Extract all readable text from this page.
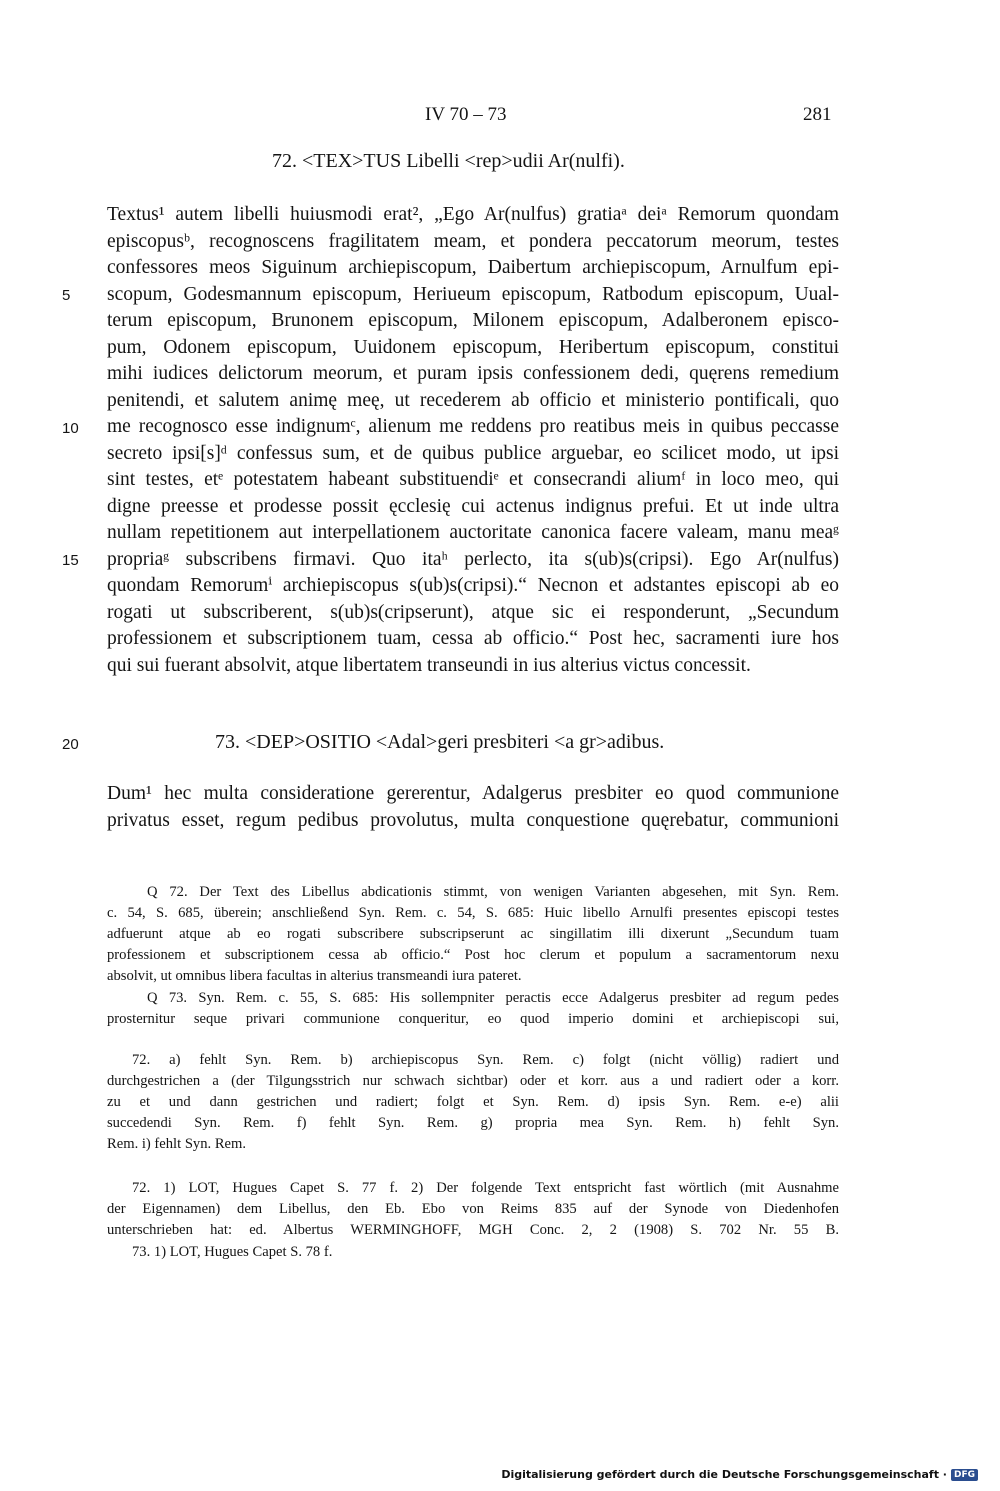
IV 70 – 73	281
72. <TEX>TUS Libelli <rep>udii Ar(nulfi).
Textus¹ autem libelli huiusmodi erat², „Ego Ar(nulfus) gratiaᵃ deiᵃ Remorum quondam
episcopusᵇ, recognoscens fragilitatem meam, et pondera peccatorum meorum, testes
confessores meos Siguinum archiepiscopum, Daibertum archiepiscopum, Arnulfum epi-
scopum, Godesmannum episcopum, Heriueum episcopum, Ratbodum episcopum, Uual-
terum episcopum, Brunonem episcopum, Milonem episcopum, Adalberonem episco-
pum, Odonem episcopum, Uuidonem episcopum, Heribertum episcopum, constitui
mihi iudices delictorum meorum, et puram ipsis confessionem dedi, quęrens remedium
penitendi, et salutem animę meę, ut recederem ab officio et ministerio pontificali, quo
me recognosco esse indignumᶜ, alienum me reddens pro reatibus meis in quibus peccasse
secreto ipsi[s]ᵈ confessus sum, et de quibus publice arguebar, eo scilicet modo, ut ipsi
sint testes, etᵉ potestatem habeant substituendiᵉ et consecrandi aliumᶠ in loco meo, qui
digne preesse et prodesse possit ęcclesię cui actenus indignus prefui. Et ut inde ultra
nullam repetitionem aut interpellationem auctoritate canonica facere valeam, manu meaᵍ
propriaᵍ subscribens firmavi. Quo itaʰ perlecto, ita s(ub)s(cripsi). Ego Ar(nulfus)
quondam Remorumⁱ archiepiscopus s(ub)s(cripsi).“ Necnon et adstantes episcopi ab eo
rogati ut subscriberent, s(ub)s(cripserunt), atque sic ei responderunt, „Secundum
professionem et subscriptionem tuam, cessa ab officio.“ Post hec, sacramenti iure hos
qui sui fuerant absolvit, atque libertatem transeundi in ius alterius victus concessit.
5
10
15
20	73. <DEP>OSITIO <Adal>geri presbiteri <a gr>adibus.
Dum¹ hec multa consideratione gererentur, Adalgerus presbiter eo quod communione
privatus esset, regum pedibus provolutus, multa conquestione quęrebatur, communioni
Q 72. Der Text des Libellus abdicationis stimmt, von wenigen Varianten abgesehen, mit Syn. Rem.
c. 54, S. 685, überein; anschließend Syn. Rem. c. 54, S. 685: Huic libello Arnulfi presentes episcopi testes
adfuerunt atque ab eo rogati subscribere subscripserunt ac singillatim illi dixerunt „Secundum tuam
professionem et subscriptionem cessa ab officio.“ Post hoc clerum et populum a sacramentorum nexu
absolvit, ut omnibus libera facultas in alterius transmeandi iura pateret.
Q 73. Syn. Rem. c. 55, S. 685: His sollempniter peractis ecce Adalgerus presbiter ad regum pedes
prosternitur seque privari communione conqueritur, eo quod imperio domini et archiepiscopi sui,
72. a) fehlt Syn. Rem. b) archiepiscopus Syn. Rem. c) folgt (nicht völlig) radiert und
durchgestrichen a (der Tilgungsstrich nur schwach sichtbar) oder et korr. aus a und radiert oder a korr.
zu et und dann gestrichen und radiert; folgt et Syn. Rem. d) ipsis Syn. Rem. e-e) alii
succedendi Syn. Rem. f) fehlt Syn. Rem. g) propria mea Syn. Rem. h) fehlt Syn.
Rem. i) fehlt Syn. Rem.
72. 1) LOT, Hugues Capet S. 77 f. 2) Der folgende Text entspricht fast wörtlich (mit Ausnahme
der Eigennamen) dem Libellus, den Eb. Ebo von Reims 835 auf der Synode von Diedenhofen
unterschrieben hat: ed. Albertus WERMINGHOFF, MGH Conc. 2, 2 (1908) S. 702 Nr. 55 B.
73. 1) LOT, Hugues Capet S. 78 f.
Digitalisierung gefördert durch die Deutsche Forschungsgemeinschaft · DFG
